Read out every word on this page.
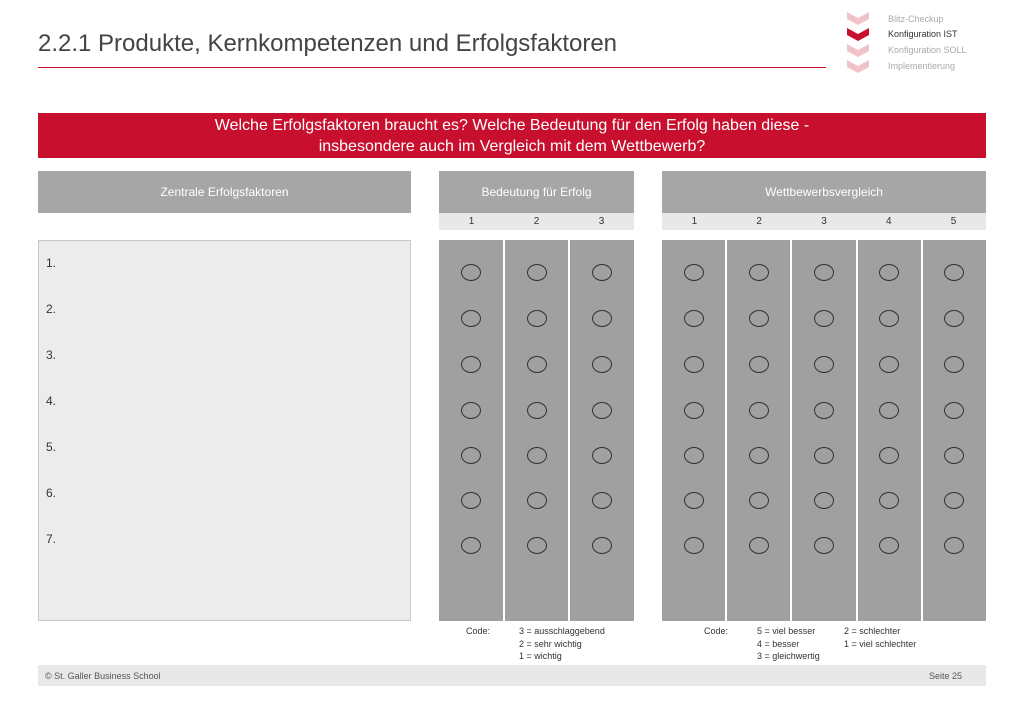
2.2.1 Produkte, Kernkompetenzen und Erfolgsfaktoren
Blitz-Checkup
Konfiguration IST
Konfiguration SOLL
Implementierung
Welche Erfolgsfaktoren braucht es? Welche Bedeutung für den Erfolg haben diese -
insbesondere auch im Vergleich mit dem Wettbewerb?
Zentrale Erfolgsfaktoren	Bedeutung für Erfolg	Wettbewerbsvergleich
1	2	3	1	2	3	4	5
1.
2.
3.
4.
5.
6.
7.
Code:	3 = ausschlaggebend
2 = sehr wichtig
1 = wichtig
Code:	5 = viel besser
4 = besser
3 = gleichwertig
2 = schlechter
1 = viel schlechter
© St. Galler Business School	Seite 25
